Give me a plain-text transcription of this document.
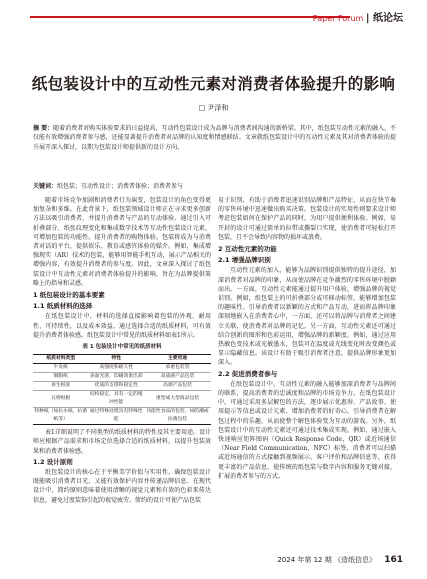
Paper Forum | 纸论坛
纸包装设计中的互动性元素对消费者体验提升的影响
□ 尹泽和
摘 要：随着消费者对购买体验要求的日益提高，互动性包装设计成为品牌与消费者间沟通的新桥梁。其中，纸包装互动性元素的融入，不仅能有效增强消费者参与感，还能显著提升消费者对品牌的认知度和情感联结。文章就纸包装设计中的互动性元素及其对消费者体验的提升展开深入探讨，以期为包装设计师提供新的设计方向。
关键词：纸包装；互动性设计；消费者体验；消费者参与

随着市场竞争加剧和消费者行为演变，包装设计的角色变得更加复杂和多维。在此背景下，纸包装领域设计师正在寻求更多创新方法以吸引消费者，并提升消费者与产品的互动体验。通过引入可折叠部分、纸张纹理变化和集成数字技术等互动性包装设计元素，可增加包装的功能性。提升消费者的购物体验。包装将成为与消费者对话的平台，提供娱乐、教育或感官体验的媒介。例如，集成增强现实（AR）技术的包装，能够用智能手机互动，展示产品相关的增强内容，有效提升消费者的参与度。因此，文章深入探讨了纸包装设计中互动性元素对消费者体验提升的影响，旨在为品牌提供策略上的指导和灵感。

1 纸包装设计的基本要素
1.1 纸质材料的选择

在纸包装设计中，材料的选择直接影响着包装的外观、耐用性、可持续性，以及成本效益。通过选择合适的纸质材料，可有效提升消费者体验感。纸包装设计中常见的纸质材料如表1所示。

表 1 包装设计中常见的纸质材料
纸质材料类型	特性	主要用途
牛皮纸	高强度和耐久性	承重包装袋
铜版纸	表面光滑、印刷效果出彩	高质感产品包装
再生纸张	优质的支撑和稳定性	高端产品包装
瓦楞纸板	结构稳定，具有一定的缓冲性能	重型或大型商品包装
特种纸（如抗水纸、抗菌纸等）	通过特殊处理具有特殊性能	功能性食品的包装，如防潮或抗菌包装

表1详细说明了不同类型的纸质材料的特性及其主要用途。设计师应根据产品需求和市场定位选择合适的纸质材料，以提升包装效果和消费者体验感。

1.2 设计原则

纸包装设计的核心在于平衡美学价值与实用性，确保包装设计既能吸引消费者目光，又能有效保护内容并传递品牌信息。在现代设计中，简约原则意味着使用清晰的视觉元素和有效的色彩来传达信息，避免过度装饰引起的视觉疲劳。简约的设计可使产品包装

易于识别，有助于消费者迅速识别品牌和产品特征，从而在快节奏的零售环境中迅速做出购买决策。包装设计的实用性则要求设计师考虑包装如何在保护产品的同时，为用户提供便利体验。例如，易开封的设计可通过简单的拉带或撕裂口实现，使消费者可轻松打开包装，且不会导致内容物的损坏或浪费。

2 互动性元素的功能
2.1 增强品牌识别

互动性元素的加入，能够为品牌识别提供独特的提升途径，加深消费者对品牌的印象，从而使品牌在竞争激烈的零售环境中脱颖而出。一方面，互动性元素能通过提升用户体验，增强品牌的视觉识别。例如，纸包装上的可折叠部分或可移动标签，能够增加包装的趣味性。引导消费者以新颖的方式和产品互动，进而将品牌印象深刻地嵌入在消费者心中，一方面，还可以将品牌与消费者之间建立关联，使消费者对品牌的记忆。另一方面，互动性元素还可通过结合创新的图形和色彩运用，增强品牌的新颖度。例如，通过应用热敏色变技术或光敏墨水，包装可在温度或光线变化时改变颜色或显示隐藏信息。该设计有助于吸引消费者注意，提供品牌形象更加深入。

2.2 促进消费者参与

在纸包装设计中，互动性元素的融入能够加深消费者与品牌间的联系，提高消费者的忠诚度和品牌的市场竞争力。在纸包装设计中，可通过采用多层解包的方法，逐步展示优惠券、产品故事、使用提示等信息或设计元素，增加消费者的好奇心，引导消费者在解包过程中的乐趣，从而使整个解包体验变为互动的游戏。另外，纸包装设计中的互动性元素还可通过技术集成实现。例如，通过嵌入快速响应矩阵图码（Quick Response Code，QR）或近场通信（Near Field Communication，NFC）标签，消费者可以扫描或近场通信的方式接触到视频展示、客户评价和品牌信息等，获得更丰富的产品信息，使传统的纸包装与数字内容和服务无缝对接，扩展消费者参与的方式。

2024 年第 12 期 《造纸信息》 161
